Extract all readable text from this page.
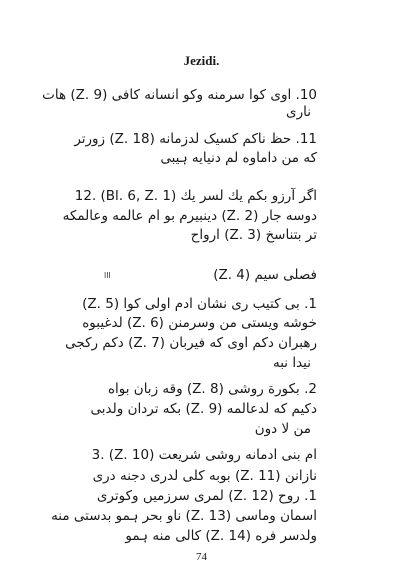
Jezidi.
10. اوی کوا سرمنه وکو انسانه کافی (Z. 9) هات
ناری
11. حظ ناکم کسیک لدزمانه (Z. 18) زورتر
که من داماوه لم دنیایه ہیبی
12. (Bl. 6, Z. 1) اگر آرزو بکم یك لسر یك
دوسه جار (Z. 2) دینبیرم بو ام عالمه وعالمکه
تر بتناسخ (Z. 3) ارواح
III	(Z. 4) فصلی سیم
1. بی کتیب ری نشان ادم اولی کوا (Z. 5)
خوشه ویستی من وسرمنن (Z. 6) لدغیبوه
رهبران دکم اوی که فیربان (Z. 7) دکم رکجی
نیدا نبه
2. بکورة روشی (Z. 8) وقه زبان بواه
دکیم که لدعالمه (Z. 9) بکه تردان ولدبی
من لا دون
3. (Z. 10) ام بنی ادمانه روشی شریعت
نازانن (Z. 11) بوبه کلی لدری دجنه دری
1. روح (Z. 12) لمری سرزمیں وکوتری
اسمان وماسی (Z. 13) ناو بحر ہمو بدستی منه
ولدسر فره (Z. 14) کالی منه ہمو
74
